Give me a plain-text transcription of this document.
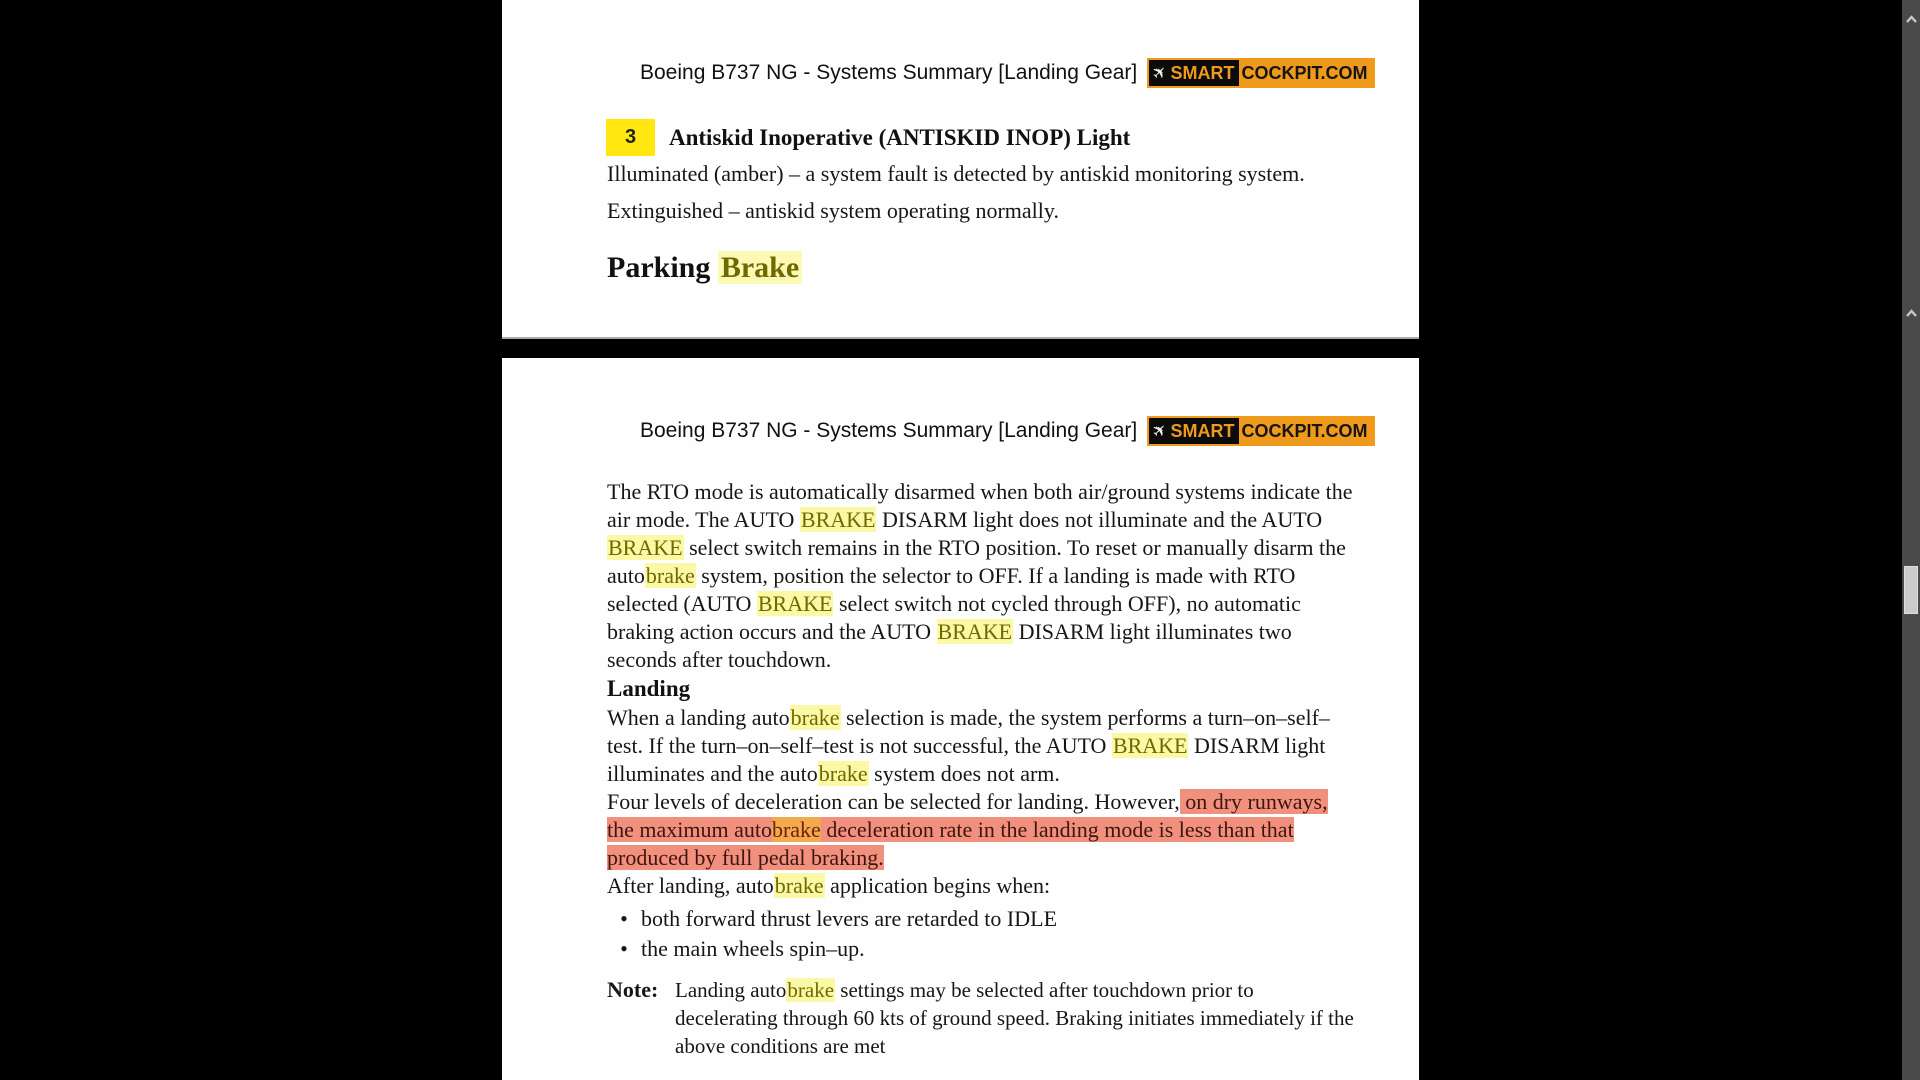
Boeing B737 NG - Systems Summary [Landing Gear] ✈
SMART COCKPIT.COM
3	Antiskid Inoperative (ANTISKID INOP) Light
Illuminated (amber) – a system fault is detected by antiskid monitoring system.
Extinguished – antiskid system operating normally.
Parking Brake
Boeing B737 NG - Systems Summary [Landing Gear] ✈
SMART COCKPIT.COM

The RTO mode is automatically disarmed when both air/ground systems indicate the air mode. The AUTO BRAKE DISARM light does not illuminate and the AUTO BRAKE select switch remains in the RTO position. To reset or manually disarm the autobrake system, position the selector to OFF. If a landing is made with RTO selected (AUTO BRAKE select switch not cycled through OFF), no automatic braking action occurs and the AUTO BRAKE DISARM light illuminates two seconds after touchdown.

Landing

When a landing autobrake selection is made, the system performs a turn–on–self–test. If the turn–on–self–test is not successful, the AUTO BRAKE DISARM light illuminates and the autobrake system does not arm.

Four levels of deceleration can be selected for landing. However, on dry runways, the maximum autobrake deceleration rate in the landing mode is less than that produced by full pedal braking.

After landing, autobrake application begins when:

• both forward thrust levers are retarded to IDLE
• the main wheels spin–up.
Note: Landing autobrake settings may be selected after touchdown prior to decelerating through 60 kts of ground speed. Braking initiates immediately if the above conditions are met
